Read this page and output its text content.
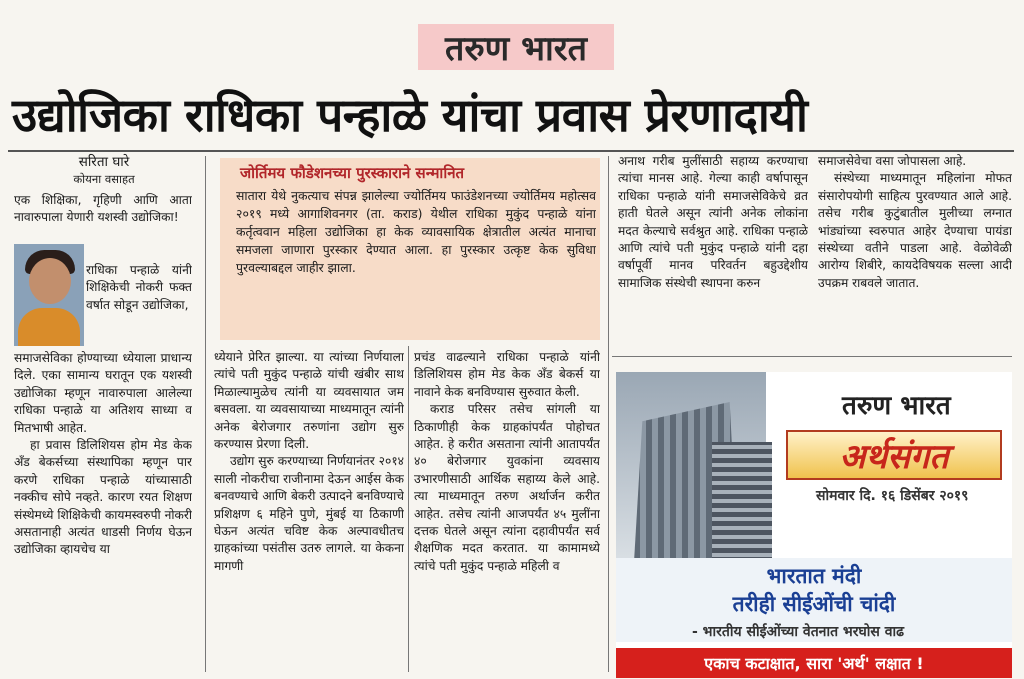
तरुण भारत
उद्योजिका राधिका पन्हाळे यांचा प्रवास प्रेरणादायी
सरिता घारे
कोयना वसाहत

एक शिक्षिका, गृहिणी आणि आता नावारुपाला येणारी यशस्वी उद्योजिका!

राधिका पन्हाळे यांनी शिक्षिकेची नोकरी फक्त वर्षात सोडून उद्योजिका,

समाजसेविका होण्याच्या ध्येयाला प्राधान्य दिले. एका सामान्य घरातून एक यशस्वी उद्योजिका म्हणून नावारुपाला आलेल्या राधिका पन्हाळे या अतिशय साध्या व मितभाषी आहेत.

हा प्रवास डिलिशियस होम मेड केक अँड बेकर्सच्या संस्थापिका म्हणून पार करणे राधिका पन्हाळे यांच्यासाठी नक्कीच सोपे नव्हते. कारण रयत शिक्षण संस्थेमध्ये शिक्षिकेची कायमस्वरुपी नोकरी असतानाही अत्यंत धाडसी निर्णय घेऊन उद्योजिका व्हायचेच या

जोर्तिमय फौडेशनच्या पुरस्काराने सन्मानित

सातारा येथे नुकत्याच संपन्न झालेल्या ज्योर्तिमय फाउंडेशनच्या ज्योर्तिमय महोत्सव २०१९ मध्ये आगाशिवनगर (ता. कराड) येथील राधिका मुकुंद पन्हाळे यांना कर्तृत्ववान महिला उद्योजिका हा केक व्यावसायिक क्षेत्रातील अत्यंत मानाचा समजला जाणारा पुरस्कार देण्यात आला. हा पुरस्कार उत्कृष्ट केक सुविधा पुरवल्याबद्दल जाहीर झाला.

ध्येयाने प्रेरित झाल्या. या त्यांच्या निर्णयाला त्यांचे पती मुकुंद पन्हाळे यांची खंबीर साथ मिळाल्यामुळेच त्यांनी या व्यवसायात जम बसवला. या व्यवसायाच्या माध्यमातून त्यांनी अनेक बेरोजगार तरुणांना उद्योग सुरु करण्यास प्रेरणा दिली.

उद्योग सुरु करण्याच्या निर्णयानंतर २०१४ साली नोकरीचा राजीनामा देऊन आईस केक बनवण्याचे आणि बेकरी उत्पादने बनविण्याचे प्रशिक्षण ६ महिने पुणे, मुंबई या ठिकाणी घेऊन अत्यंत चविष्ट केक अल्पावधीतच ग्राहकांच्या पसंतीस उतरु लागले. या केकना मागणी

प्रचंड वाढल्याने राधिका पन्हाळे यांनी डिलिशियस होम मेड केक अँड बेकर्स या नावाने केक बनविण्यास सुरुवात केली.

कराड परिसर तसेच सांगली या ठिकाणीही केक ग्राहकांपर्यंत पोहोचत आहेत. हे करीत असताना त्यांनी आतापर्यंत ४० बेरोजगार युवकांना व्यवसाय उभारणीसाठी आर्थिक सहाय्य केले आहे. त्या माध्यमातून तरुण अर्थार्जन करीत आहेत. तसेच त्यांनी आजपर्यंत ४५ मुलींना दत्तक घेतले असून त्यांना दहावीपर्यंत सर्व शैक्षणिक मदत करतात. या कामामध्ये त्यांचे पती मुकुंद पन्हाळे महिली व

अनाथ गरीब मुलींसाठी सहाय्य करण्याचा त्यांचा मानस आहे. गेल्या काही वर्षापासून राधिका पन्हाळे यांनी समाजसेविकेचे व्रत हाती घेतले असून त्यांनी अनेक लोकांना मदत केल्याचे सर्वश्रुत आहे. राधिका पन्हाळे आणि त्यांचे पती मुकुंद पन्हाळे यांनी दहा वर्षापूर्वी मानव परिवर्तन बहुउद्देशीय सामाजिक संस्थेची स्थापना करुन

समाजसेवेचा वसा जोपासला आहे.

संस्थेच्या माध्यमातून महिलांना मोफत संसारोपयोगी साहित्य पुरवण्यात आले आहे. तसेच गरीब कुटुंबातील मुलीच्या लग्नात भांड्यांच्या स्वरुपात आहेर देण्याचा पायंडा संस्थेच्या वतीने पाडला आहे. वेळोवेळी आरोग्य शिबीरे, कायदेविषयक सल्ला आदी उपक्रम राबवले जातात.

तरुण भारत
अर्थसंगत
सोमवार दि. १६ डिसेंबर २०१९
भारतात मंदी
तरीही सीईओंची चांदी
- भारतीय सीईओंच्या वेतनात भरघोस वाढ
एकाच कटाक्षात, सारा 'अर्थ' लक्षात !
